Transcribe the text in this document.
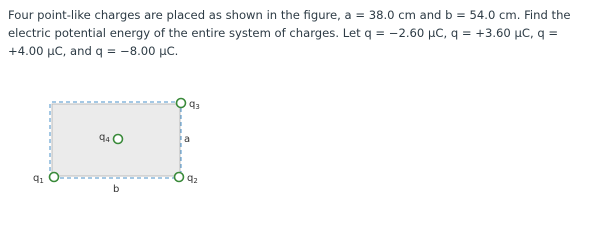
Four point-like charges are placed as shown in the figure, a = 38.0 cm and b = 54.0 cm. Find the electric potential energy of the entire system of charges. Let q = −2.60 μC, q = +3.60 μC, q = +4.00 μC, and q = −8.00 μC.

$q_3$
$q_4$	a
$q_1$	$q_2$
b
